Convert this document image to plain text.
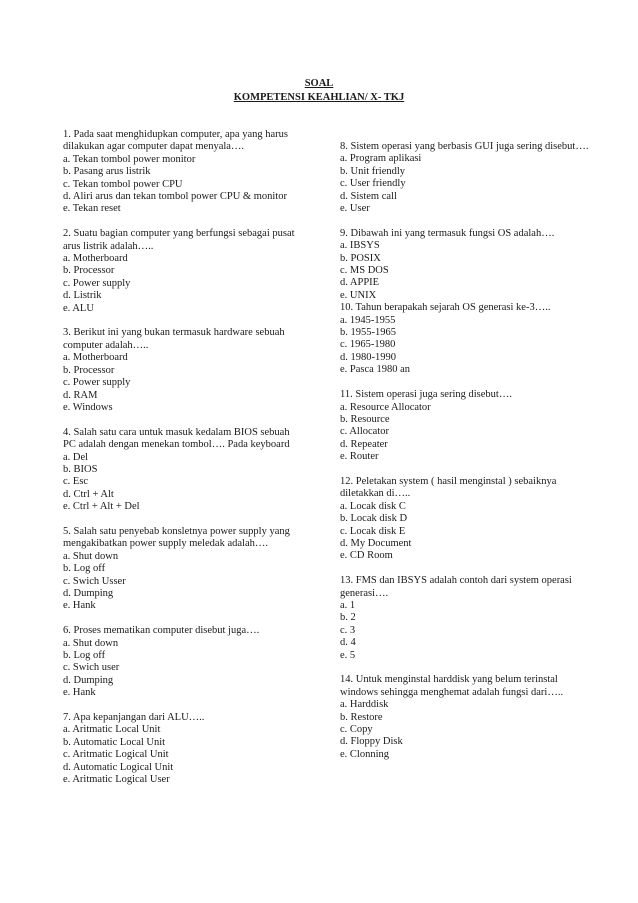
SOAL
KOMPETENSI KEAHLIAN/ X- TKJ
1. Pada saat menghidupkan computer, apa yang harus dilakukan agar computer dapat menyala….
a. Tekan tombol power monitor
b. Pasang arus listrik
c. Tekan tombol power CPU
d. Aliri arus dan tekan tombol power CPU & monitor
e. Tekan reset
2. Suatu bagian computer yang berfungsi sebagai pusat arus listrik adalah…..
a. Motherboard
b. Processor
c. Power supply
d. Listrik
e. ALU
3. Berikut ini yang bukan termasuk hardware sebuah computer adalah…..
a. Motherboard
b. Processor
c. Power supply
d. RAM
e. Windows
4. Salah satu cara untuk masuk kedalam BIOS sebuah PC adalah dengan menekan tombol…. Pada keyboard
a. Del
b. BIOS
c. Esc
d. Ctrl + Alt
e. Ctrl + Alt + Del
5. Salah satu penyebab konsletnya power supply yang mengakibatkan power supply meledak adalah….
a. Shut down
b. Log off
c. Swich Usser
d. Dumping
e. Hank
6. Proses mematikan computer disebut juga….
a. Shut down
b. Log off
c. Swich user
d. Dumping
e. Hank
7. Apa kepanjangan dari ALU…..
a. Aritmatic Local Unit
b. Automatic Local Unit
c. Aritmatic Logical Unit
d. Automatic Logical Unit
e. Aritmatic Logical User
8. Sistem operasi yang berbasis GUI juga sering disebut….
a. Program aplikasi
b. Unit friendly
c. User friendly
d. Sistem call
e. User
9. Dibawah ini yang termasuk fungsi OS adalah….
a. IBSYS
b. POSIX
c. MS DOS
d. APPIE
e. UNIX
10. Tahun berapakah sejarah OS generasi ke-3…..
a. 1945-1955
b. 1955-1965
c. 1965-1980
d. 1980-1990
e. Pasca 1980 an
11. Sistem operasi juga sering disebut….
a. Resource Allocator
b. Resource
c. Allocator
d. Repeater
e. Router
12. Peletakan system ( hasil menginstal ) sebaiknya diletakkan di…..
a. Locak disk C
b. Locak disk D
c. Locak disk E
d. My Document
e. CD Room
13. FMS dan IBSYS adalah contoh dari system operasi generasi….
a. 1
b. 2
c. 3
d. 4
e. 5
14. Untuk menginstal harddisk yang belum terinstal windows sehingga menghemat adalah fungsi dari…..
a. Harddisk
b. Restore
c. Copy
d. Floppy Disk
e. Clonning
